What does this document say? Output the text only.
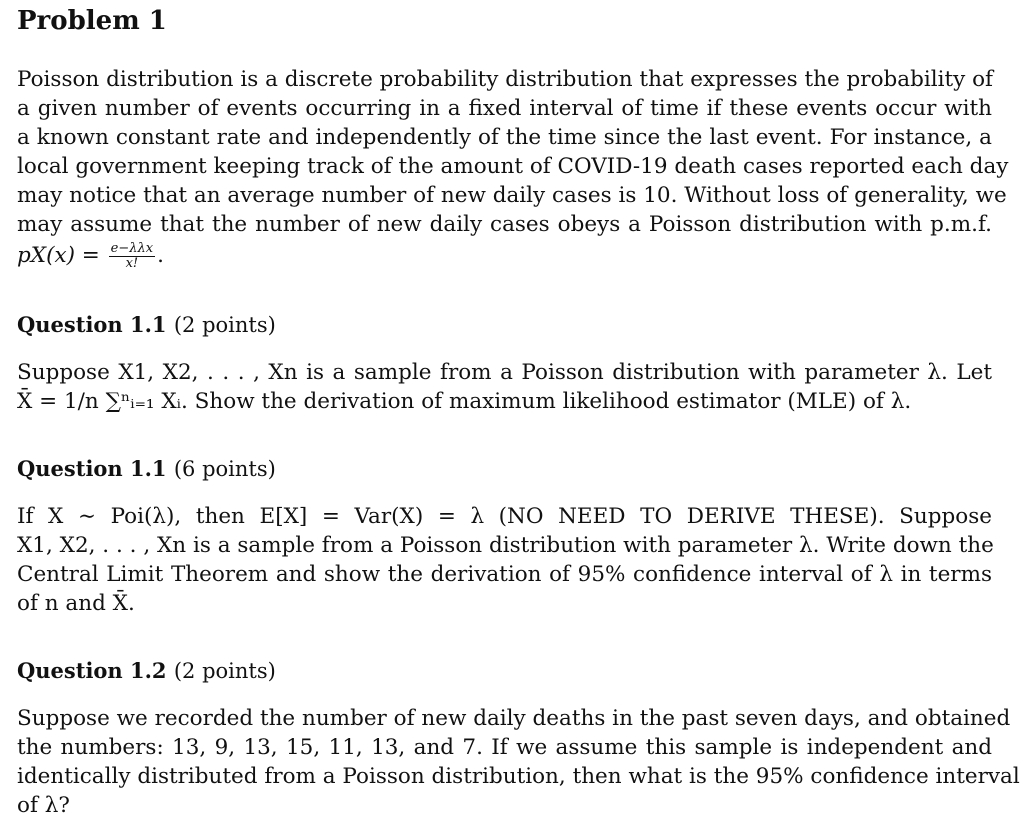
Problem 1

Poisson distribution is a discrete probability distribution that expresses the probability of

a given number of events occurring in a fixed interval of time if these events occur with

a known constant rate and independently of the time since the last event. For instance, a

local government keeping track of the amount of COVID-19 death cases reported each day

may notice that an average number of new daily cases is 10. Without loss of generality, we

may assume that the number of new daily cases obeys a Poisson distribution with p.m.f.

$pX(x) = \frac{\text{e−λλx}}{x!}$ .
Question 1.1 (2 points)

Suppose X1, X2, . . . , Xn is a sample from a Poisson distribution with parameter λ. Let

X̄ = 1/n ∑ⁿᵢ₌₁ Xᵢ. Show the derivation of maximum likelihood estimator (MLE) of λ.

Question 1.1 (6 points)

If X ∼ Poi(λ), then E[X] = Var(X) = λ (NO NEED TO DERIVE THESE). Suppose

X1, X2, . . . , Xn is a sample from a Poisson distribution with parameter λ. Write down the

Central Limit Theorem and show the derivation of 95% confidence interval of λ in terms

of n and X̄.

Question 1.2 (2 points)

Suppose we recorded the number of new daily deaths in the past seven days, and obtained

the numbers: 13, 9, 13, 15, 11, 13, and 7. If we assume this sample is independent and

identically distributed from a Poisson distribution, then what is the 95% confidence interval

of λ?
